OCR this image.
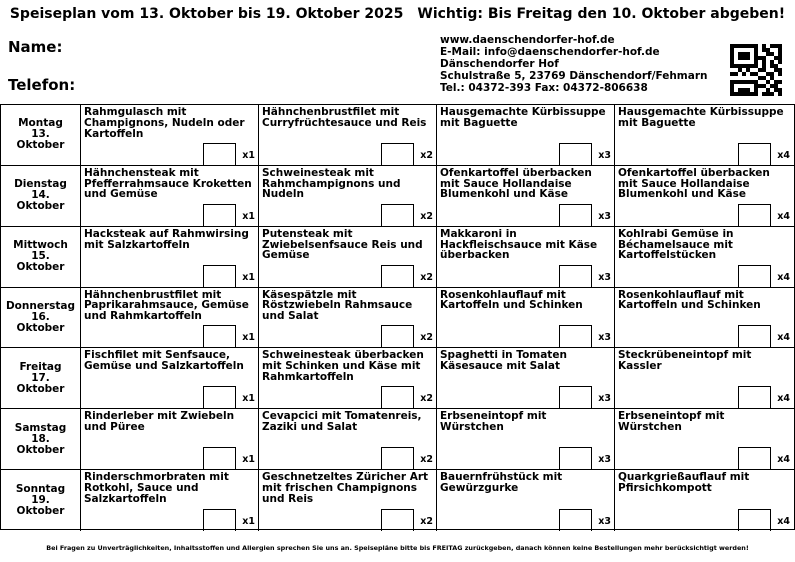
Speiseplan vom 13. Oktober bis 19. Oktober 2025 Wichtig: Bis Freitag den 10. Oktober abgeben!
Name:
Telefon:
www.daenschendorfer-hof.de
E-Mail: info@daenschendorfer-hof.de
Dänschendorfer Hof
Schulstraße 5, 23769 Dänschendorf/Fehmarn
Tel.: 04372-393 Fax: 04372-806638
Montag
13.
Oktober
Rahmgulasch mit Champignons, Nudeln oder Kartoffeln
x1
Hähnchenbrustfilet mit Curryfrüchtesauce und Reis
x2
Hausgemachte Kürbissuppe mit Baguette
x3
Hausgemachte Kürbissuppe mit Baguette
x4
Dienstag
14.
Oktober
Hähnchensteak mit Pfefferrahmsauce Kroketten und Gemüse
x1
Schweinesteak mit Rahmchampignons und Nudeln
x2
Ofenkartoffel überbacken mit Sauce Hollandaise Blumenkohl und Käse
x3
Ofenkartoffel überbacken mit Sauce Hollandaise Blumenkohl und Käse
x4
Mittwoch
15.
Oktober
Hacksteak auf Rahmwirsing mit Salzkartoffeln
x1
Putensteak mit Zwiebelsenfsauce Reis und Gemüse
x2
Makkaroni in Hackfleischsauce mit Käse überbacken
x3
Kohlrabi Gemüse in Béchamelsauce mit Kartoffelstücken
x4
Donnerstag
16.
Oktober
Hähnchenbrustfilet mit Paprikarahmsauce, Gemüse und Rahmkartoffeln
x1
Käsespätzle mit Röstzwiebeln Rahmsauce und Salat
x2
Rosenkohlauflauf mit Kartoffeln und Schinken
x3
Rosenkohlauflauf mit Kartoffeln und Schinken
x4
Freitag
17.
Oktober
Fischfilet mit Senfsauce, Gemüse und Salzkartoffeln
x1
Schweinesteak überbacken mit Schinken und Käse mit Rahmkartoffeln
x2
Spaghetti in Tomaten Käsesauce mit Salat
x3
Steckrübeneintopf mit Kassler
x4
Samstag
18.
Oktober
Rinderleber mit Zwiebeln und Püree
x1
Cevapcici mit Tomatenreis, Zaziki und Salat
x2
Erbseneintopf mit Würstchen
x3
Erbseneintopf mit Würstchen
x4
Sonntag
19.
Oktober
Rinderschmorbraten mit Rotkohl, Sauce und Salzkartoffeln
x1
Geschnetzeltes Züricher Art mit frischen Champignons und Reis
x2
Bauernfrühstück mit Gewürzgurke
x3
Quarkgrießauflauf mit Pfirsichkompott
x4
Bei Fragen zu Unverträglichkeiten, Inhaltsstoffen und Allergien sprechen Sie uns an. Speisepläne bitte bis FREITAG zurückgeben, danach können keine Bestellungen mehr berücksichtigt werden!
